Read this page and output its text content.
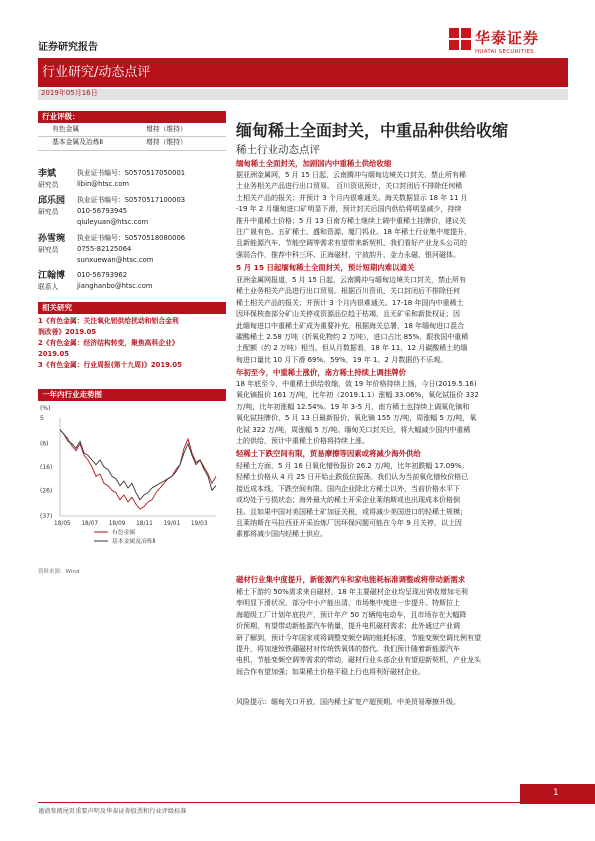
证券研究报告
华泰证券
HUATAI SECURITIES
行业研究/动态点评
2019年05月16日
行业评级：
有色金属	增持（维持）
基本金属及冶炼Ⅱ	增持（维持）
李斌
研究员
执业证书编号：S0570517050001
libin@htsc.com
邱乐园
研究员
执业证书编号：S0570517100003
010-56793945
qiuleyuan@htsc.com
孙雪琬
研究员
执业证书编号：S0570518080006
0755-82125064
sunxuewan@htsc.com
江翰博
联系人
010-56793962
jianghanbo@htsc.com
相关研究
1《有色金属：关注氧化铝供给扰动和铝合金利
润改善》2019.05
2《有色金属：经济结构转变，聚焦高科企业》
2019.05
3《有色金属：行业周报(第十九周)》2019.05
一年内行业走势图
(%)
5
(6)
(16)
(26)
(37)
18/05 18/07 18/09 18/11 19/01 19/03
有色金属
基本金属及冶炼Ⅱ
资料来源：Wind
缅甸稀土全面封关，中重品种供给收缩
稀土行业动态点评
缅甸稀土全面封关，加剧国内中重稀土供给收缩
据亚洲金属网，5 月 15 日起，云南腾冲与缅甸边境关口封关，禁止所有稀
土业务相关产品进行出口贸易。 百川资讯预计，关口封闭后不排除任何稀
土相关产品的报关；并预计 3 个月内很难通关。海关数据显示 18 年 11 月
-19 年 2 月缅甸进口矿明显下滑，预计封关后国内供给将明显减少，持续
推升中重稀土价格；5 月 13 日南方稀土继续上调中重稀土挂牌价，建议关
注广晟有色、五矿稀土、盛和资源、厦门钨业。18 年稀土行业集中度提升，
且新能源汽车、节能空调等需求有望带来新契机，我们看好产业龙头公司的
强弱合作，推荐中科三环、正海磁材，宁波韵升、金力永磁、银河磁体。
5 月 15 日起缅甸稀土全面封关，预计短期内难以通关
亚洲金属网报道，5 月 15 日起，云南腾冲与缅甸边境关口封关，禁止所有
稀土业务相关产品进行出口贸易。根据百川资讯，关口封闭后不排除任何
稀土相关产品的报关；并预计 3 个月内很难通关。17-18 年国内中重稀土
因环保核查部分矿山关停或资源品位趋于枯竭，且无矿采和新批权证；因
此缅甸进口中重稀土矿成为重要补充。根据海关总署，18 年缅甸进口混合
碳酸稀土 2.58 万吨（折氧化物约 2 万吨），进口占比 85%，跟我国中重稀
土配额（约 2 万吨）相当。但从月数据看，18 年 11、12 月碳酸稀土的缅
甸进口量比 10 月下滑 69%、59%，19 年 1、2 月数据仍不乐观。
年初至今，中重稀土涨价，南方稀土持续上调挂牌价
18 年底至今，中重稀土供给收缩，致 19 年价格持续上扬，今日(2019.5.16)
氧化镝报价 161 万/吨，比年初（2019.1.1）涨幅 33.06%，氧化铽报价 332
万/吨，比年初涨幅 12.54%。19 年 3-5 月，南方稀土也持续上调氧化镝和
氧化铽挂牌价，5 月 13 日最新报价，氧化镝 155 万/吨，周涨幅 5 万/吨，氧
化铽 322 万/吨，周涨幅 5 万/吨。缅甸关口封关后，将大幅减少国内中重稀
土的供给，预计中重稀土价格将持续上涨。
轻稀土下跌空间有限，贸易摩擦等因素或将减少海外供给
轻稀土方面，5 月 16 日氧化镨钕报价 26.2 万/吨，比年初跌幅 17.09%。
轻稀土价格从 4 月 25 日开始止跌低位振荡。我们认为当前氧化镨钕价格已
接近成本线，下跌空间有限。国内企业除北方稀土以外，当前价格水平下
或均处于亏损状态；海外最大的稀土开采企业莱纳斯或也出现成本价格倒
挂。且如果中国对美国稀土矿加征关税，或将减少美国进口的轻稀土规模；
且莱纳斯在马拉西亚开采冶炼厂因环保问题可能在今年 9 月关停，以上因
素都将减少国内轻稀土供应。
磁材行业集中度提升，新能源汽车和家电能耗标准调整或将带动新需求
稀土下游约 50%需求来自磁材，18 年主要磁材企业均呈现出营收增加毛利
率明显下滑状况，部分中小产能出清，市场集中度进一步提升。特斯拉上
海超级工厂计划年底投产，预计年产 50 万辆纯电动车，且市场存在大幅降
价预期，有望带动新能源汽车销量，提升电机磁材需求；此外通过产业调
研了解到，预计今年国家或将调整变频空调的能耗标准，节能变频空调比例有望
提升，将加速钕铁硼磁材对传统铁氧体的替代。我们预计随着新能源汽车
电机、节能变频空调等需求的带动，磁材行业头部企业有望迎新契机，产业龙头
间合作有望加强；如果稀土价格平稳上行也将利好磁材企业。
风险提示：缅甸关口开放、国内稀土矿复产超预期、中美贸易摩擦升级。
1
谨请参阅尾页重要声明及华泰证券股票和行业评级标准
